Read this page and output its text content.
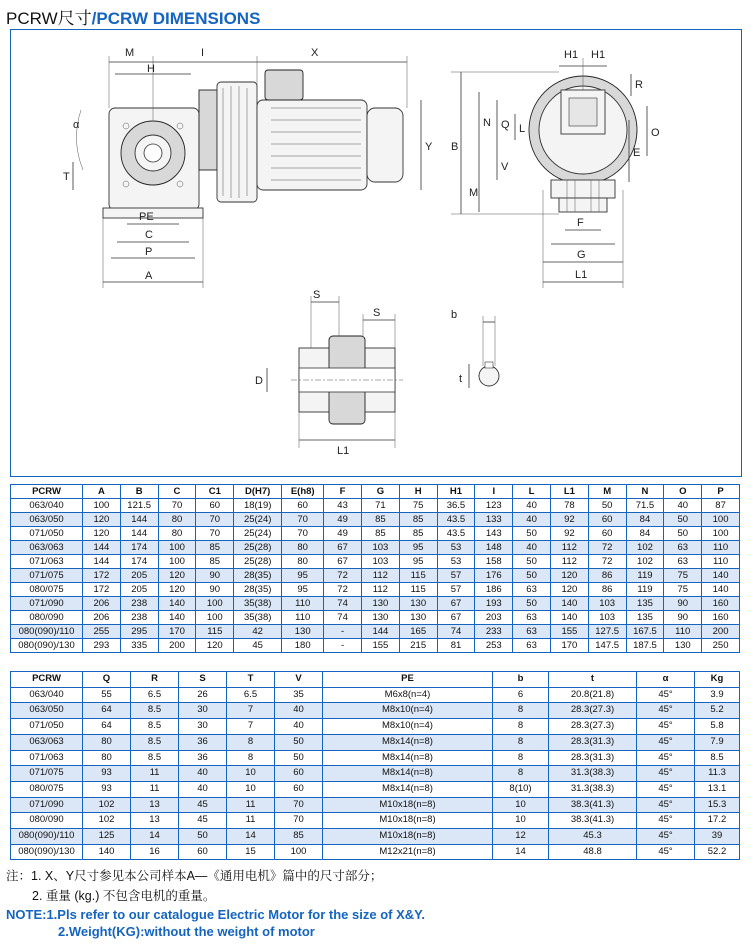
PCRW尺寸/PCRW DIMENSIONS
M	I	X
H
α
T
PE
C
P
A
Y
H1 H1
R
N Q L
B
O
M
V
E
F
G
L1
S
S
D
L1
b
t
PCRW	A	B	C	C1	D(H7)	E(h8)	F	G	H	H1	I	L	L1	M	N	O	P
063/040	100	121.5	70	60	18(19)	60	43	71	75	36.5	123	40	78	50	71.5	40	87
063/050	120	144	80	70	25(24)	70	49	85	85	43.5	133	40	92	60	84	50	100
071/050	120	144	80	70	25(24)	70	49	85	85	43.5	143	50	92	60	84	50	100
063/063	144	174	100	85	25(28)	80	67	103	95	53	148	40	112	72	102	63	110
071/063	144	174	100	85	25(28)	80	67	103	95	53	158	50	112	72	102	63	110
071/075	172	205	120	90	28(35)	95	72	112	115	57	176	50	120	86	119	75	140
080/075	172	205	120	90	28(35)	95	72	112	115	57	186	63	120	86	119	75	140
071/090	206	238	140	100	35(38)	110	74	130	130	67	193	50	140	103	135	90	160
080/090	206	238	140	100	35(38)	110	74	130	130	67	203	63	140	103	135	90	160
080(090)/110	255	295	170	115	42	130	-	144	165	74	233	63	155	127.5	167.5	110	200
080(090)/130	293	335	200	120	45	180	-	155	215	81	253	63	170	147.5	187.5	130	250
PCRW	Q	R	S	T	V	PE	b	t	α	Kg
063/040	55	6.5	26	6.5	35	M6x8(n=4)	6	20.8(21.8)	45°	3.9
063/050	64	8.5	30	7	40	M8x10(n=4)	8	28.3(27.3)	45°	5.2
071/050	64	8.5	30	7	40	M8x10(n=4)	8	28.3(27.3)	45°	5.8
063/063	80	8.5	36	8	50	M8x14(n=8)	8	28.3(31.3)	45°	7.9
071/063	80	8.5	36	8	50	M8x14(n=8)	8	28.3(31.3)	45°	8.5
071/075	93	11	40	10	60	M8x14(n=8)	8	31.3(38.3)	45°	11.3
080/075	93	11	40	10	60	M8x14(n=8)	8(10)	31.3(38.3)	45°	13.1
071/090	102	13	45	11	70	M10x18(n=8)	10	38.3(41.3)	45°	15.3
080/090	102	13	45	11	70	M10x18(n=8)	10	38.3(41.3)	45°	17.2
080(090)/110	125	14	50	14	85	M10x18(n=8)	12	45.3	45°	39
080(090)/130	140	16	60	15	100	M12x21(n=8)	14	48.8	45°	52.2
注：1. X、Y尺寸参见本公司样本A—《通用电机》篇中的尺寸部分；
2. 重量 (kg.) 不包含电机的重量。
NOTE:1.Pls refer to our catalogue Electric Motor for the size of X&Y.
2.Weight(KG):without the weight of motor
